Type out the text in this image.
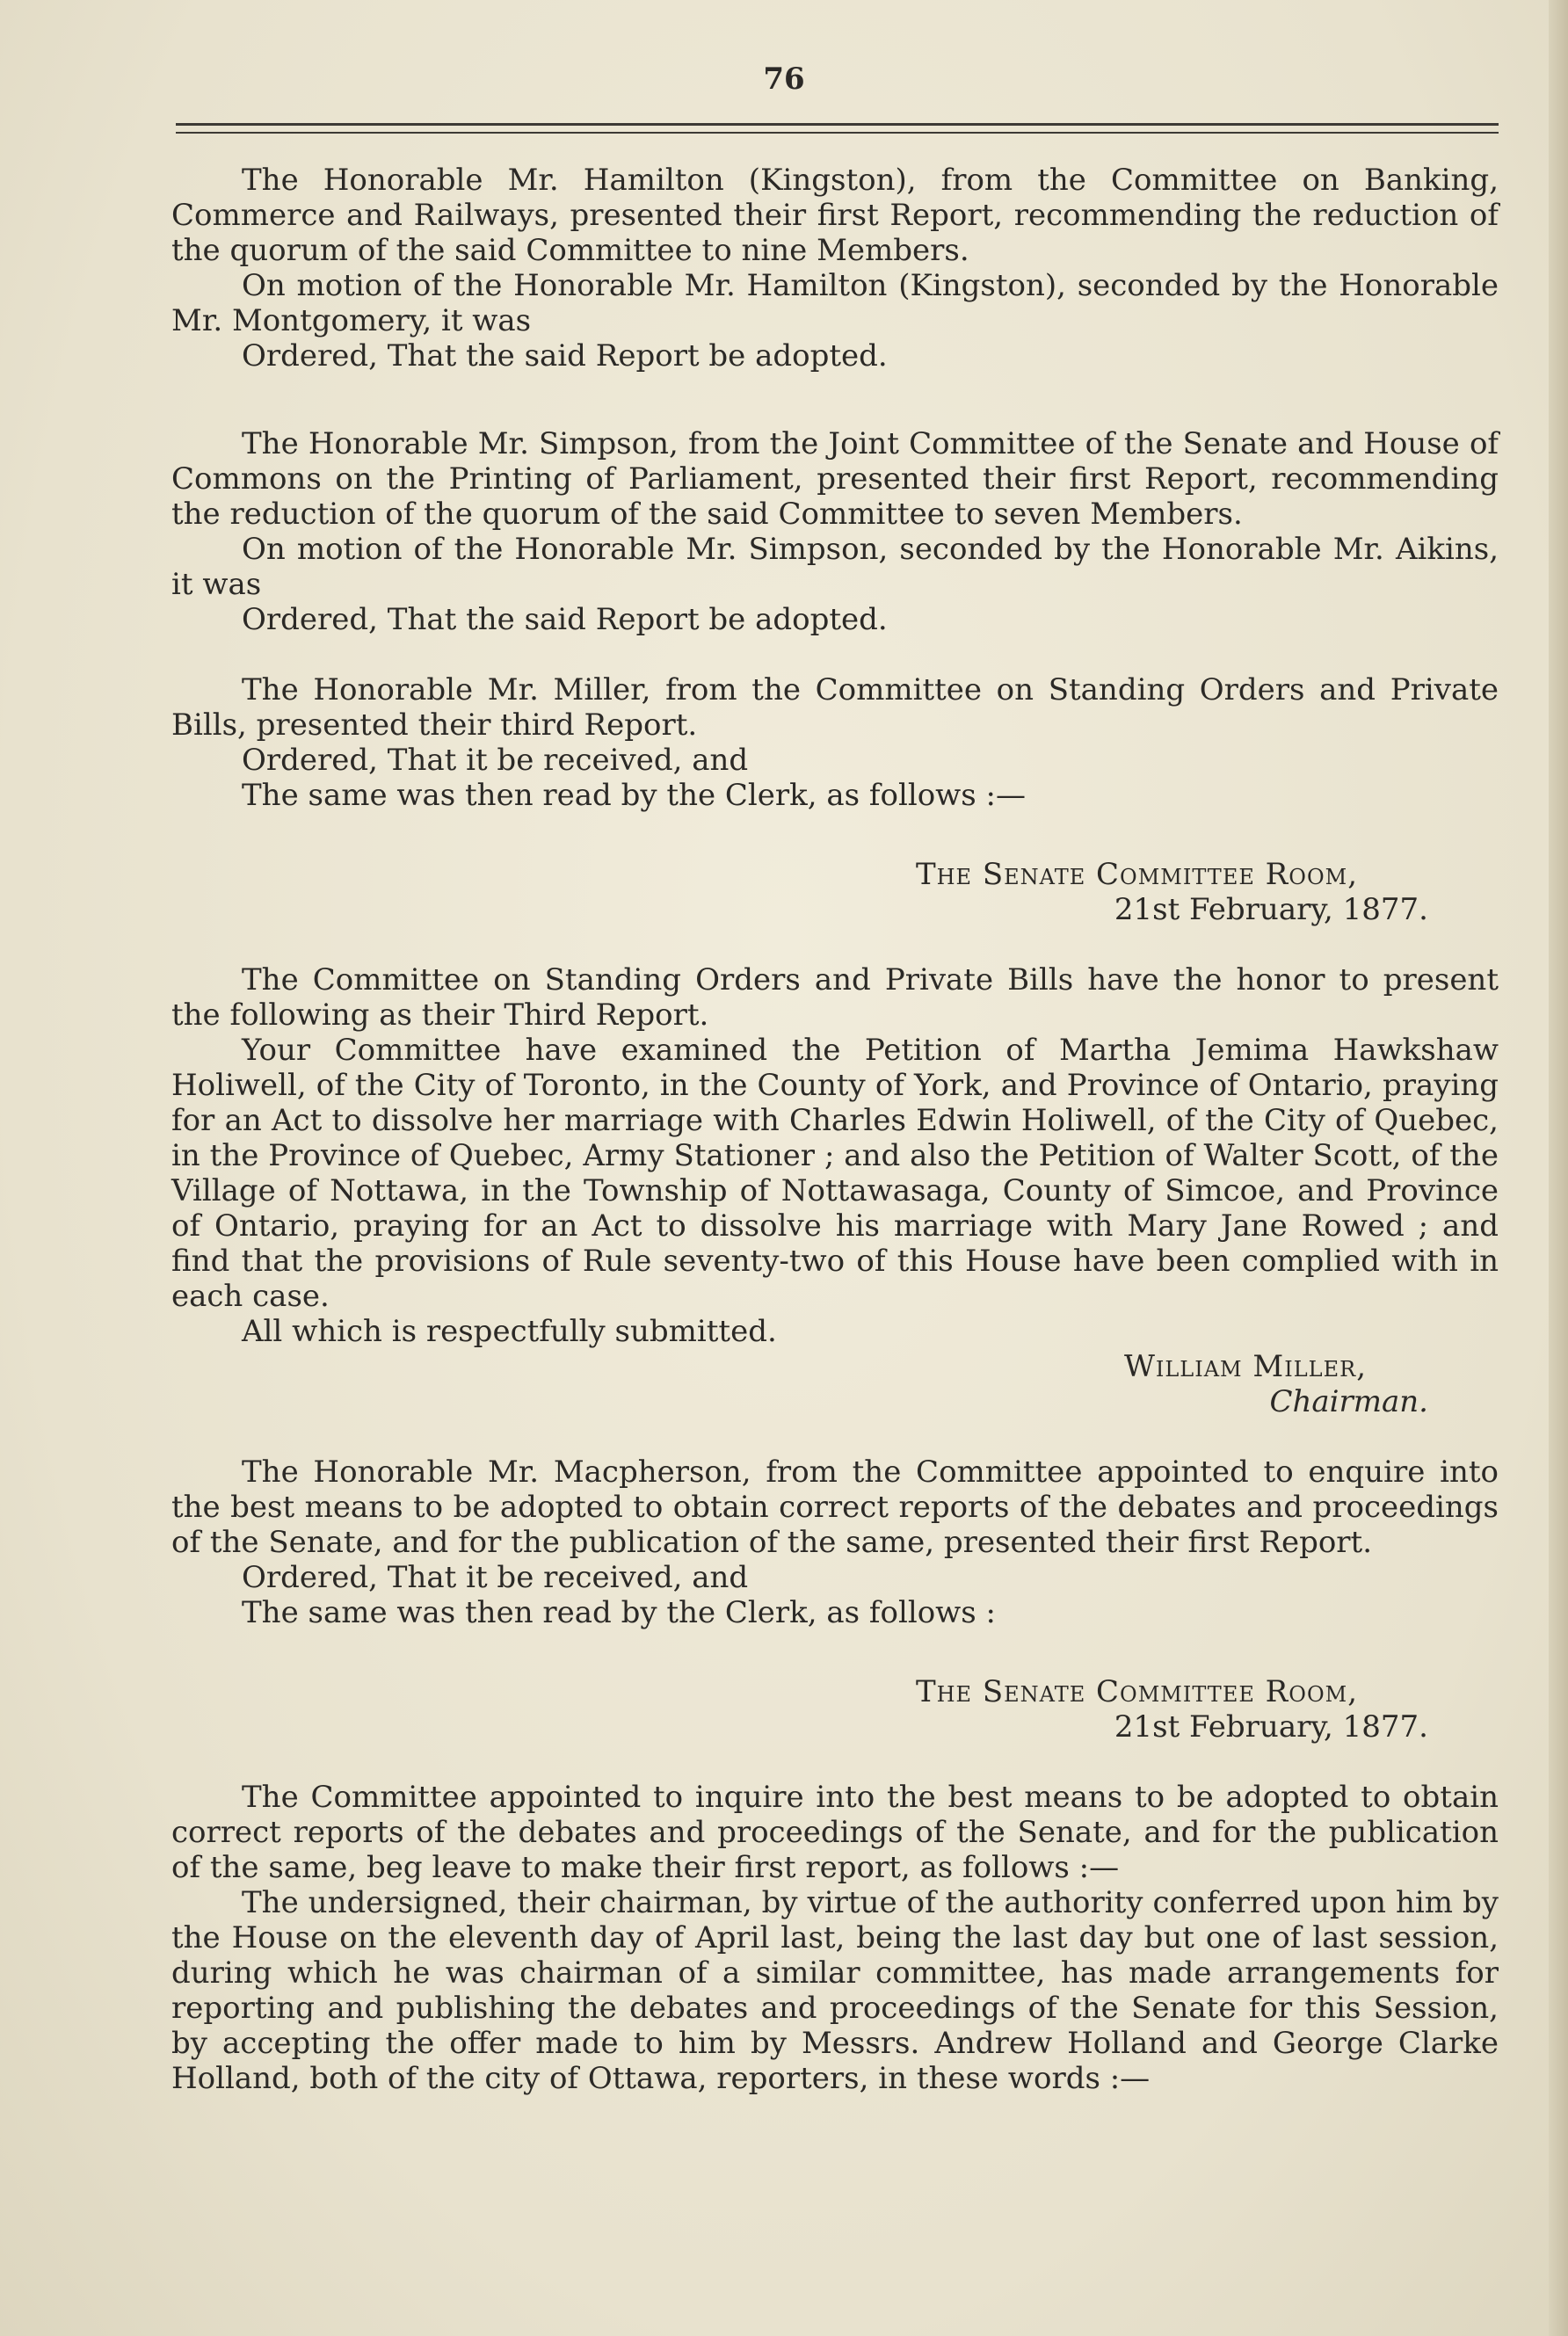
76

The Honorable Mr. Hamilton (Kingston), from the Committee on Banking, Commerce and Railways, presented their first Report, recommending the reduction of the quorum of the said Committee to nine Members.

On motion of the Honorable Mr. Hamilton (Kingston), seconded by the Honorable Mr. Montgomery, it was

Ordered, That the said Report be adopted.

The Honorable Mr. Simpson, from the Joint Committee of the Senate and House of Commons on the Printing of Parliament, presented their first Report, recommending the reduction of the quorum of the said Committee to seven Members.

On motion of the Honorable Mr. Simpson, seconded by the Honorable Mr. Aikins, it was

Ordered, That the said Report be adopted.

The Honorable Mr. Miller, from the Committee on Standing Orders and Private Bills, presented their third Report.

Ordered, That it be received, and

The same was then read by the Clerk, as follows :—

The Senate Committee Room,

21st February, 1877.

The Committee on Standing Orders and Private Bills have the honor to present the following as their Third Report.

Your Committee have examined the Petition of Martha Jemima Hawkshaw Holiwell, of the City of Toronto, in the County of York, and Province of Ontario, praying for an Act to dissolve her marriage with Charles Edwin Holiwell, of the City of Quebec, in the Province of Quebec, Army Stationer ; and also the Petition of Walter Scott, of the Village of Nottawa, in the Township of Nottawasaga, County of Simcoe, and Province of Ontario, praying for an Act to dissolve his marriage with Mary Jane Rowed ; and find that the provisions of Rule seventy-two of this House have been complied with in each case.

All which is respectfully submitted.

William Miller,

Chairman.

The Honorable Mr. Macpherson, from the Committee appointed to enquire into the best means to be adopted to obtain correct reports of the debates and proceedings of the Senate, and for the publication of the same, presented their first Report.

Ordered, That it be received, and

The same was then read by the Clerk, as follows :

The Senate Committee Room,

21st February, 1877.

The Committee appointed to inquire into the best means to be adopted to obtain correct reports of the debates and proceedings of the Senate, and for the publication of the same, beg leave to make their first report, as follows :—

The undersigned, their chairman, by virtue of the authority conferred upon him by the House on the eleventh day of April last, being the last day but one of last session, during which he was chairman of a similar committee, has made arrangements for reporting and publishing the debates and proceedings of the Senate for this Session, by accepting the offer made to him by Messrs. Andrew Holland and George Clarke Holland, both of the city of Ottawa, reporters, in these words :—
